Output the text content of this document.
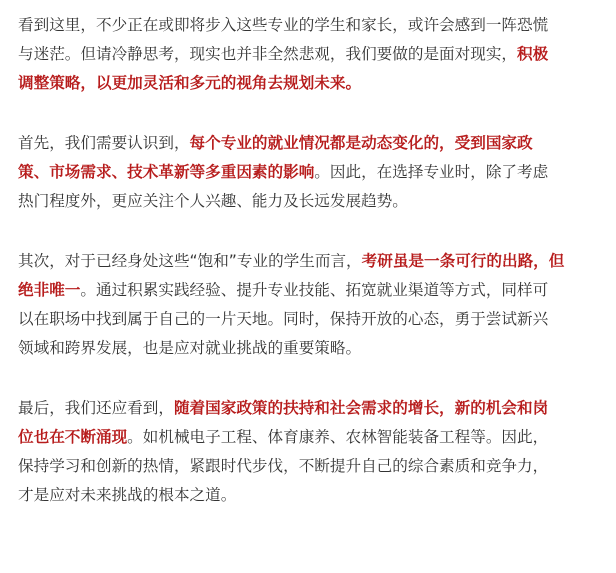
看到这里，不少正在或即将步入这些专业的学生和家长，或许会感到一阵恐慌
与迷茫。但请冷静思考，现实也并非全然悲观，我们要做的是面对现实，积极
调整策略，以更加灵活和多元的视角去规划未来。

首先，我们需要认识到，每个专业的就业情况都是动态变化的，受到国家政
策、市场需求、技术革新等多重因素的影响。因此，在选择专业时，除了考虑
热门程度外，更应关注个人兴趣、能力及长远发展趋势。

其次，对于已经身处这些“饱和”专业的学生而言，考研虽是一条可行的出路，但
绝非唯一。通过积累实践经验、提升专业技能、拓宽就业渠道等方式，同样可
以在职场中找到属于自己的一片天地。同时，保持开放的心态，勇于尝试新兴
领域和跨界发展，也是应对就业挑战的重要策略。

最后，我们还应看到，随着国家政策的扶持和社会需求的增长，新的机会和岗
位也在不断涌现。如机械电子工程、体育康养、农林智能装备工程等。因此，
保持学习和创新的热情，紧跟时代步伐，不断提升自己的综合素质和竞争力，
才是应对未来挑战的根本之道。
